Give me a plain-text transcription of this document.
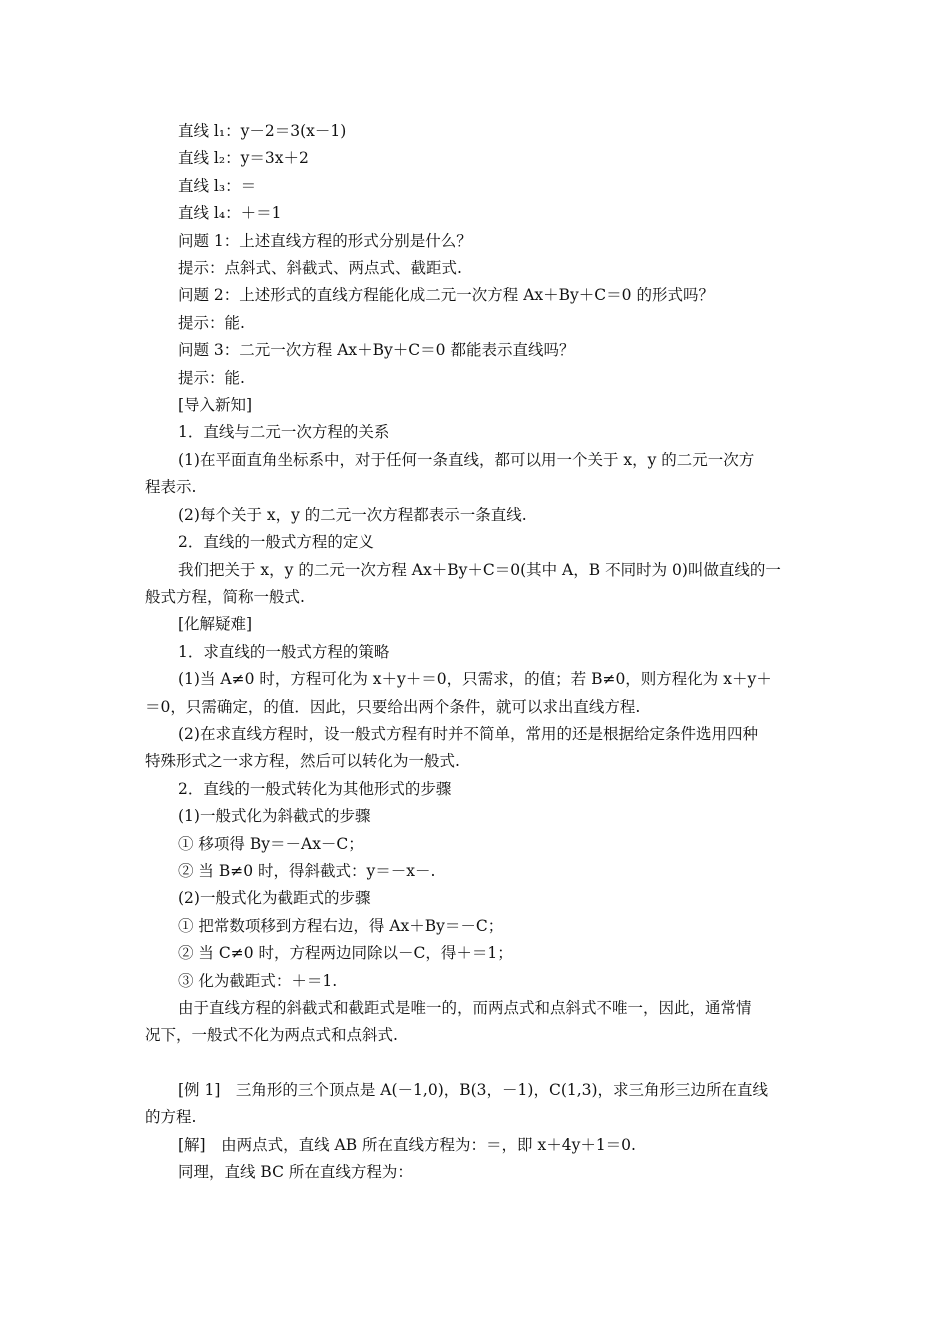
直线 l₁：y－2＝3(x－1)

直线 l₂：y＝3x＋2

直线 l₃：＝

直线 l₄：＋＝1

问题 1：上述直线方程的形式分别是什么？

提示：点斜式、斜截式、两点式、截距式.

问题 2：上述形式的直线方程能化成二元一次方程 Ax＋By＋C＝0 的形式吗？

提示：能.

问题 3：二元一次方程 Ax＋By＋C＝0 都能表示直线吗？

提示：能.

[导入新知]

1．直线与二元一次方程的关系

(1)在平面直角坐标系中，对于任何一条直线，都可以用一个关于 x，y 的二元一次方

程表示.

(2)每个关于 x，y 的二元一次方程都表示一条直线.

2．直线的一般式方程的定义

我们把关于 x，y 的二元一次方程 Ax＋By＋C＝0(其中 A，B 不同时为 0)叫做直线的一

般式方程，简称一般式.

[化解疑难]

1．求直线的一般式方程的策略

(1)当 A≠0 时，方程可化为 x＋y＋＝0，只需求，的值；若 B≠0，则方程化为 x＋y＋

＝0，只需确定，的值．因此，只要给出两个条件，就可以求出直线方程.

(2)在求直线方程时，设一般式方程有时并不简单，常用的还是根据给定条件选用四种

特殊形式之一求方程，然后可以转化为一般式.

2．直线的一般式转化为其他形式的步骤

(1)一般式化为斜截式的步骤

① 移项得 By＝－Ax－C；

② 当 B≠0 时，得斜截式：y＝－x－.

(2)一般式化为截距式的步骤

① 把常数项移到方程右边，得 Ax＋By＝－C；

② 当 C≠0 时，方程两边同除以－C，得＋＝1；

③ 化为截距式：＋＝1.

由于直线方程的斜截式和截距式是唯一的，而两点式和点斜式不唯一，因此，通常情

况下，一般式不化为两点式和点斜式.

[例 1]　三角形的三个顶点是 A(－1,0)，B(3，－1)，C(1,3)，求三角形三边所在直线

的方程.

[解]　由两点式，直线 AB 所在直线方程为：＝，即 x＋4y＋1＝0.

同理，直线 BC 所在直线方程为：
